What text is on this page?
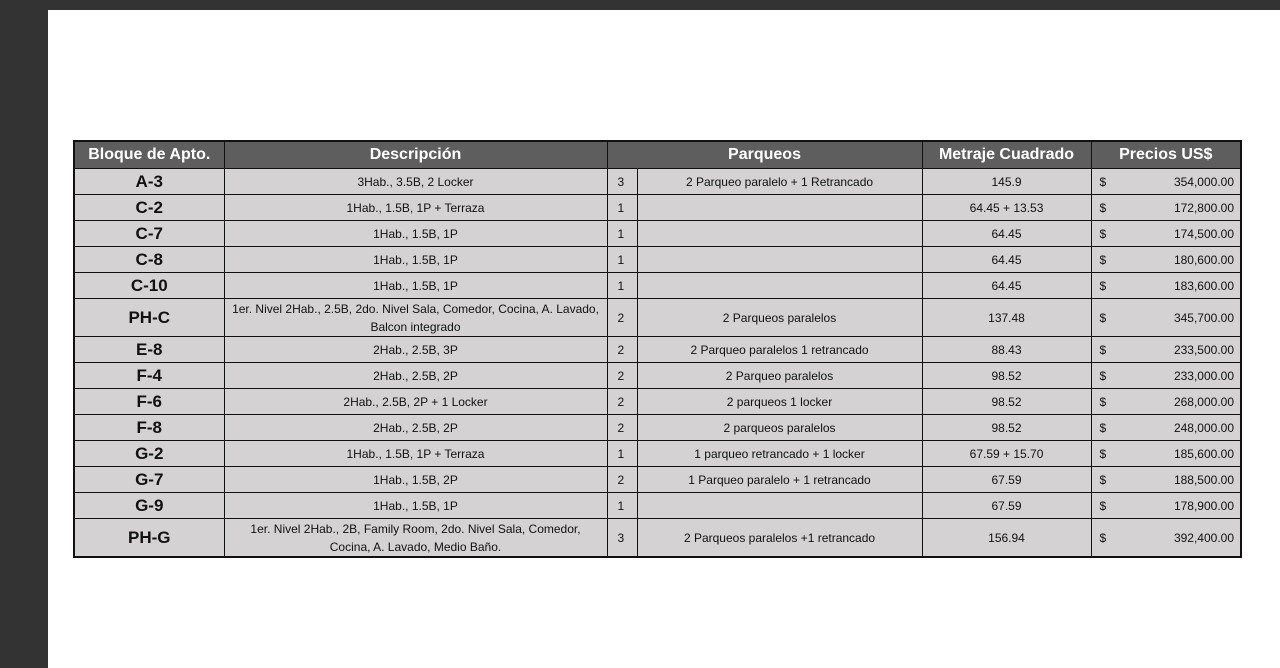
Bloque de Apto.	Descripción	Parqueos		Metraje Cuadrado	Precios US$
A-3	3Hab., 3.5B, 2 Locker	3	2 Parqueo paralelo + 1 Retrancado	145.9	$ 354,000.00

C-2	1Hab., 1.5B, 1P + Terraza	1		64.45 + 13.53	$ 172,800.00

C-7	1Hab., 1.5B, 1P	1		64.45	$ 174,500.00

C-8	1Hab., 1.5B, 1P	1		64.45	$ 180,600.00

C-10	1Hab., 1.5B, 1P	1		64.45	$ 183,600.00

PH-C	1er. Nivel 2Hab., 2.5B, 2do. Nivel Sala, Comedor, Cocina, A. Lavado, Balcon integrado	2	2 Parqueos paralelos	137.48	$ 345,700.00

E-8	2Hab., 2.5B, 3P	2	2 Parqueo paralelos 1 retrancado	88.43	$ 233,500.00

F-4	2Hab., 2.5B, 2P	2	2 Parqueo paralelos	98.52	$ 233,000.00

F-6	2Hab., 2.5B, 2P + 1 Locker	2	2 parqueos 1 locker	98.52	$ 268,000.00

F-8	2Hab., 2.5B, 2P	2	2 parqueos paralelos	98.52	$ 248,000.00

G-2	1Hab., 1.5B, 1P + Terraza	1	1 parqueo retrancado + 1 locker	67.59 + 15.70	$ 185,600.00

G-7	1Hab., 1.5B, 2P	2	1 Parqueo paralelo + 1 retrancado	67.59	$ 188,500.00

G-9	1Hab., 1.5B, 1P	1		67.59	$ 178,900.00

PH-G	1er. Nivel 2Hab., 2B, Family Room, 2do. Nivel Sala, Comedor, Cocina, A. Lavado, Medio Baño.	3	2 Parqueos paralelos +1 retrancado	156.94	$ 392,400.00
